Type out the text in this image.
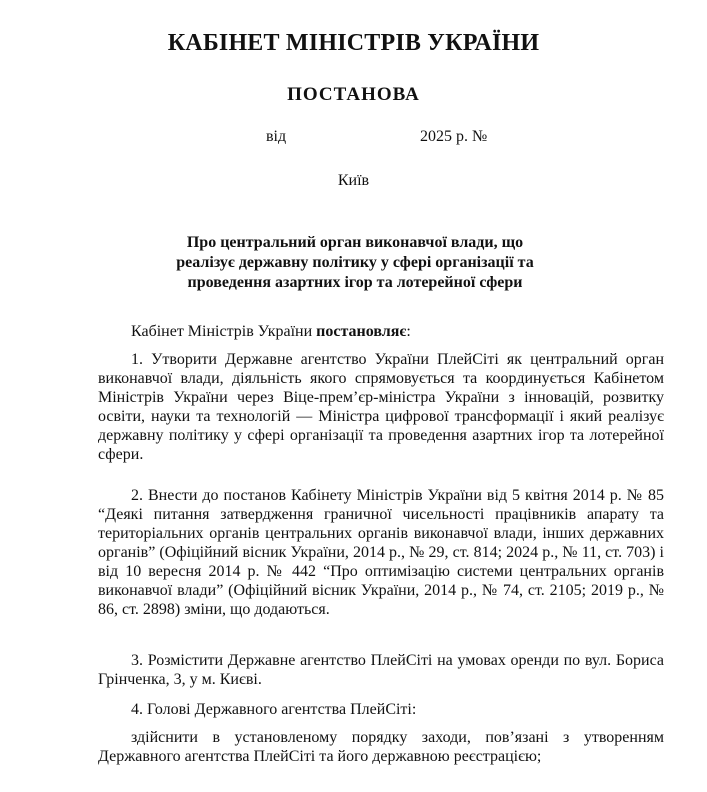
КАБІНЕТ МІНІСТРІВ УКРАЇНИ
ПОСТАНОВА
від	2025 р. №
Київ
Про центральний орган виконавчої влади, що
реалізує державну політику у сфері організації та
проведення азартних ігор та лотерейної сфери

Кабінет Міністрів України постановляє:

1. Утворити Державне агентство України ПлейСіті як центральний орган виконавчої влади, діяльність якого спрямовується та координується Кабінетом Міністрів України через Віце-прем’єр-міністра України з інновацій, розвитку освіти, науки та технологій — Міністра цифрової трансформації і який реалізує державну політику у сфері організації та проведення азартних ігор та лотерейної сфери.

2. Внести до постанов Кабінету Міністрів України від 5 квітня 2014 р. № 85 “Деякі питання затвердження граничної чисельності працівників апарату та територіальних органів центральних органів виконавчої влади, інших державних органів” (Офіційний вісник України, 2014 р., № 29, ст. 814; 2024 р., № 11, ст. 703) і від 10 вересня 2014 р. № 442 “Про оптимізацію системи центральних органів виконавчої влади” (Офіційний вісник України, 2014 р., № 74, ст. 2105; 2019 р., № 86, ст. 2898) зміни, що додаються.

3. Розмістити Державне агентство ПлейСіті на умовах оренди по вул. Бориса Грінченка, 3, у м. Києві.

4. Голові Державного агентства ПлейСіті:

здійснити в установленому порядку заходи, пов’язані з утворенням Державного агентства ПлейСіті та його державною реєстрацією;
